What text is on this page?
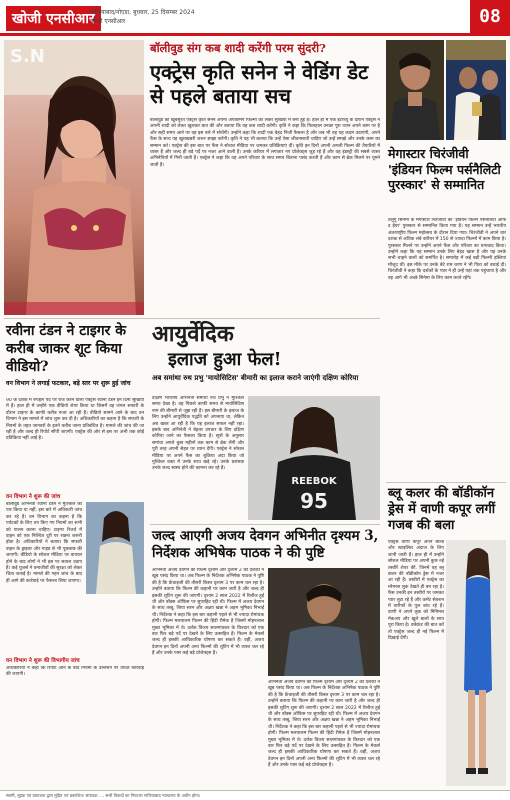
खोजी एनसीआर
गाजियाबाद/नोएडा, बुधवार, 25 दिसम्बर 2024
खोजी एनसीआर	08
S.N	बॉलीवुड संग कब शादी करेंगी परम सुंदरी?
एक्ट्रेस कृति सनेन ने वेडिंग डेट से पहले बताया सच
बॉलीवुड की खूबसूरत एक्ट्रेस कृति सेनन अपनी अपकमिंग फिल्मों को लेकर सुर्खियों में बनी हुई हैं। हाल ही में एक इंटरव्यू के दौरान एक्ट्रेस ने अपनी शादी को लेकर खुलकर बात की और बताया कि वह कब शादी करेंगी। कृति ने कहा कि फिलहाल उनका पूरा ध्यान अपने काम पर है और सही समय आने पर वह इस बारे में सोचेंगी। उन्होंने कहा कि शादी एक बेहद निजी फैसला है और जब भी वह यह कदम उठाएंगी, अपने फैंस के साथ यह खुशखबरी जरूर साझा करेंगी। कृति ने यह भी बताया कि उन्हें ऐसा जीवनसाथी चाहिए जो उन्हें समझे और उनके काम का सम्मान करे। एक्ट्रेस की इस बात पर फैंस ने सोशल मीडिया पर जमकर प्रतिक्रियाएं दीं। कृति इन दिनों अपनी अगली फिल्म की तैयारियों में व्यस्त हैं और जल्द ही बड़े पर्दे पर नजर आने वाली हैं। उनके करियर में लगातार नए प्रोजेक्ट्स जुड़ रहे हैं और वह इंडस्ट्री की सबसे व्यस्त अभिनेत्रियों में गिनी जाती हैं। एक्ट्रेस ने कहा कि वह अपने परिवार के साथ समय बिताना पसंद करती हैं और काम से ब्रेक मिलने पर घूमने जाती हैं।
मेगास्टार चिरंजीवी 'इंडियन फिल्म पर्सनैलिटी पुरस्कार' से सम्मानित
तेलुगु सिनेमा के मेगास्टार चिरंजीवी को 'इंडियन फिल्म पर्सनैलिटी ऑफ द ईयर' पुरस्कार से सम्मानित किया गया है। यह सम्मान उन्हें भारतीय अंतरराष्ट्रीय फिल्म महोत्सव के दौरान दिया गया। चिरंजीवी ने अपने चार दशक से अधिक लंबे करियर में 150 से ज्यादा फिल्मों में काम किया है। पुरस्कार मिलने पर उन्होंने अपने फैंस और परिवार का धन्यवाद किया। उन्होंने कहा कि यह सम्मान उनके लिए बेहद खास है और यह उनके सभी चाहने वालों को समर्पित है। समारोह में कई बड़ी फिल्मी हस्तियां मौजूद थीं। इस मौके पर उनके बेटे राम चरण ने भी पिता को बधाई दी। चिरंजीवी ने कहा कि दर्शकों के प्यार ने ही उन्हें यहां तक पहुंचाया है और वह आगे भी अच्छे सिनेमा के लिए काम करते रहेंगे।
रवीना टंडन ने टाइगर के करीब जाकर शूट किया वीडियो?
वन विभाग ने लगाई फटकार, बड़े स्तर पर शुरू हुई जांच
90 के दशक में रुपहले पर्दे पर राज करने वाली एक्ट्रेस रवीना टंडन इन दिनों सुर्खियों में हैं। हाल ही में उन्होंने एक वीडियो शेयर किया था जिसमें वह जंगल सफारी के दौरान टाइगर के काफी करीब नजर आ रही हैं। वीडियो सामने आने के बाद वन विभाग ने इस मामले में जांच शुरू कर दी है। अधिकारियों का कहना है कि सफारी के नियमों के तहत जानवरों के इतने करीब जाना प्रतिबंधित है। मामले की जांच की जा रही है और जल्द ही रिपोर्ट सौंपी जाएगी। एक्ट्रेस की ओर से इस पर अभी तक कोई प्रतिक्रिया नहीं आई है।
वन विभाग ने शुरू की जांच
बॉलीवुड अभिनेत्री रवीना टंडन ने मुश्किल को पार किया या नहीं, इस बारे में अधिकारी जांच कर रहे हैं। वन विभाग का कहना है कि पर्यटकों के लिए तय किए गए नियमों का सभी को पालन करना चाहिए। टाइगर रिजर्व में वाहन को एक निश्चित दूरी पर रखना जरूरी होता है। अधिकारियों ने बताया कि सफारी वाहन के ड्राइवर और गाइड से भी पूछताछ की जाएगी। वीडियो के सोशल मीडिया पर वायरल होने के बाद लोगों ने भी इस पर सवाल उठाए हैं। कई यूजर्स ने वन्यजीवों की सुरक्षा को लेकर चिंता जताई है। मामले की गहन जांच के बाद ही आगे की कार्रवाई पर फैसला लिया जाएगा।
वन विभाग ने शुरू की विभागीय जांच
अधिकारियों ने कहा कि रिपोर्ट आने के बाद नियमों के उल्लंघन पर उचित कार्रवाई की जाएगी।
आयुर्वेदिक
इलाज हुआ फेल!
अब समांथा रुथ प्रभु 'मायोसिटिस' बीमारी का इलाज कराने जाएंगी दक्षिण कोरिया
दक्षिण भारतीय अभिनेत्री समांथा रुथ प्रभु ने मुश्किल समय देखा है। वह पिछले काफी समय से मायोसिटिस नाम की बीमारी से जूझ रही हैं। इस बीमारी के इलाज के लिए उन्होंने आयुर्वेदिक पद्धति को अपनाया था, लेकिन अब खबर आ रही है कि यह इलाज सफल नहीं रहा। इसके बाद अभिनेत्री ने बेहतर उपचार के लिए दक्षिण कोरिया जाने का फैसला किया है। सूत्रों के अनुसार समांथा अगले कुछ महीनों तक काम से ब्रेक लेंगी और पूरी तरह अपनी सेहत पर ध्यान देंगी। एक्ट्रेस ने सोशल मीडिया पर अपने फैंस का शुक्रिया अदा किया जो मुश्किल वक्त में उनके साथ खड़े रहे। उनके प्रशंसक उनके जल्द स्वस्थ होने की कामना कर रहे हैं।
REEBOK
95
जल्द आएगी अजय देवगन अभिनीत दृश्यम 3, निर्देशक अभिषेक पाठक ने की पुष्टि
अभिनेता अजय देवगन की फिल्म दृश्यम और दृश्यम 2 को दर्शकों ने खूब पसंद किया था। अब फिल्म के निर्देशक अभिषेक पाठक ने पुष्टि की है कि फ्रेंचाइजी की तीसरी किस्त दृश्यम 3 पर काम चल रहा है। उन्होंने बताया कि फिल्म की कहानी पर काम जारी है और जल्द ही इसकी शूटिंग शुरू की जाएगी। दृश्यम 2 साल 2022 में रिलीज हुई थी और बॉक्स ऑफिस पर सुपरहिट रही थी। फिल्म में अजय देवगन के साथ तब्बू, श्रिया सरन और अक्षय खन्ना ने अहम भूमिका निभाई थी। निर्देशक ने कहा कि इस बार कहानी पहले से भी ज्यादा रोमांचक होगी। फिल्म मलयालम फिल्म की हिंदी रीमेक है जिसमें मोहनलाल मुख्य भूमिका में थे। दर्शक विजय सालगांवकर के किरदार को एक बार फिर बड़े पर्दे पर देखने के लिए उत्साहित हैं। फिल्म के मेकर्स जल्द ही इसकी आधिकारिक घोषणा कर सकते हैं। वहीं, अजय देवगन इन दिनों अपनी अन्य फिल्मों की शूटिंग में भी व्यस्त चल रहे हैं और उनके पास कई बड़े प्रोजेक्ट्स हैं।
अभिनेता अजय देवगन की फिल्म दृश्यम और दृश्यम 2 को दर्शकों ने खूब पसंद किया था। अब फिल्म के निर्देशक अभिषेक पाठक ने पुष्टि की है कि फ्रेंचाइजी की तीसरी किस्त दृश्यम 3 पर काम चल रहा है। उन्होंने बताया कि फिल्म की कहानी पर काम जारी है और जल्द ही इसकी शूटिंग शुरू की जाएगी। दृश्यम 2 साल 2022 में रिलीज हुई थी और बॉक्स ऑफिस पर सुपरहिट रही थी। फिल्म में अजय देवगन के साथ तब्बू, श्रिया सरन और अक्षय खन्ना ने अहम भूमिका निभाई थी। निर्देशक ने कहा कि इस बार कहानी पहले से भी ज्यादा रोमांचक होगी। फिल्म मलयालम फिल्म की हिंदी रीमेक है जिसमें मोहनलाल मुख्य भूमिका में थे। दर्शक विजय सालगांवकर के किरदार को एक बार फिर बड़े पर्दे पर देखने के लिए उत्साहित हैं। फिल्म के मेकर्स जल्द ही इसकी आधिकारिक घोषणा कर सकते हैं। वहीं, अजय देवगन इन दिनों अपनी अन्य फिल्मों की शूटिंग में भी व्यस्त चल रहे हैं और उनके पास कई बड़े प्रोजेक्ट्स हैं।
ब्लू कलर की बॉडीकॉन ड्रेस में वाणी कपूर लगीं गजब की बला
एक्ट्रेस वाणी कपूर अपने बोल्ड और स्टाइलिश अंदाज के लिए जानी जाती हैं। हाल ही में उन्होंने सोशल मीडिया पर अपनी कुछ नई तस्वीरें शेयर कीं, जिनमें वह ब्लू कलर की बॉडीकॉन ड्रेस में नजर आ रही हैं। तस्वीरों में एक्ट्रेस का ग्लैमरस लुक देखते ही बन रहा है। फैंस उनकी इन तस्वीरों पर जमकर प्यार लुटा रहे हैं और कमेंट सेक्शन में तारीफों के पुल बांध रहे हैं। वाणी ने अपने लुक को मिनिमल मेकअप और खुले बालों के साथ पूरा किया है। वर्कफ्रंट की बात करें तो एक्ट्रेस जल्द ही नई फिल्म में दिखाई देंगी।
स्वामी, मुद्रक एवं प्रकाशक द्वारा मुद्रित एवं प्रकाशित। संपादक: ... सभी विवादों का निपटारा गाजियाबाद न्यायालय के अधीन होगा।
